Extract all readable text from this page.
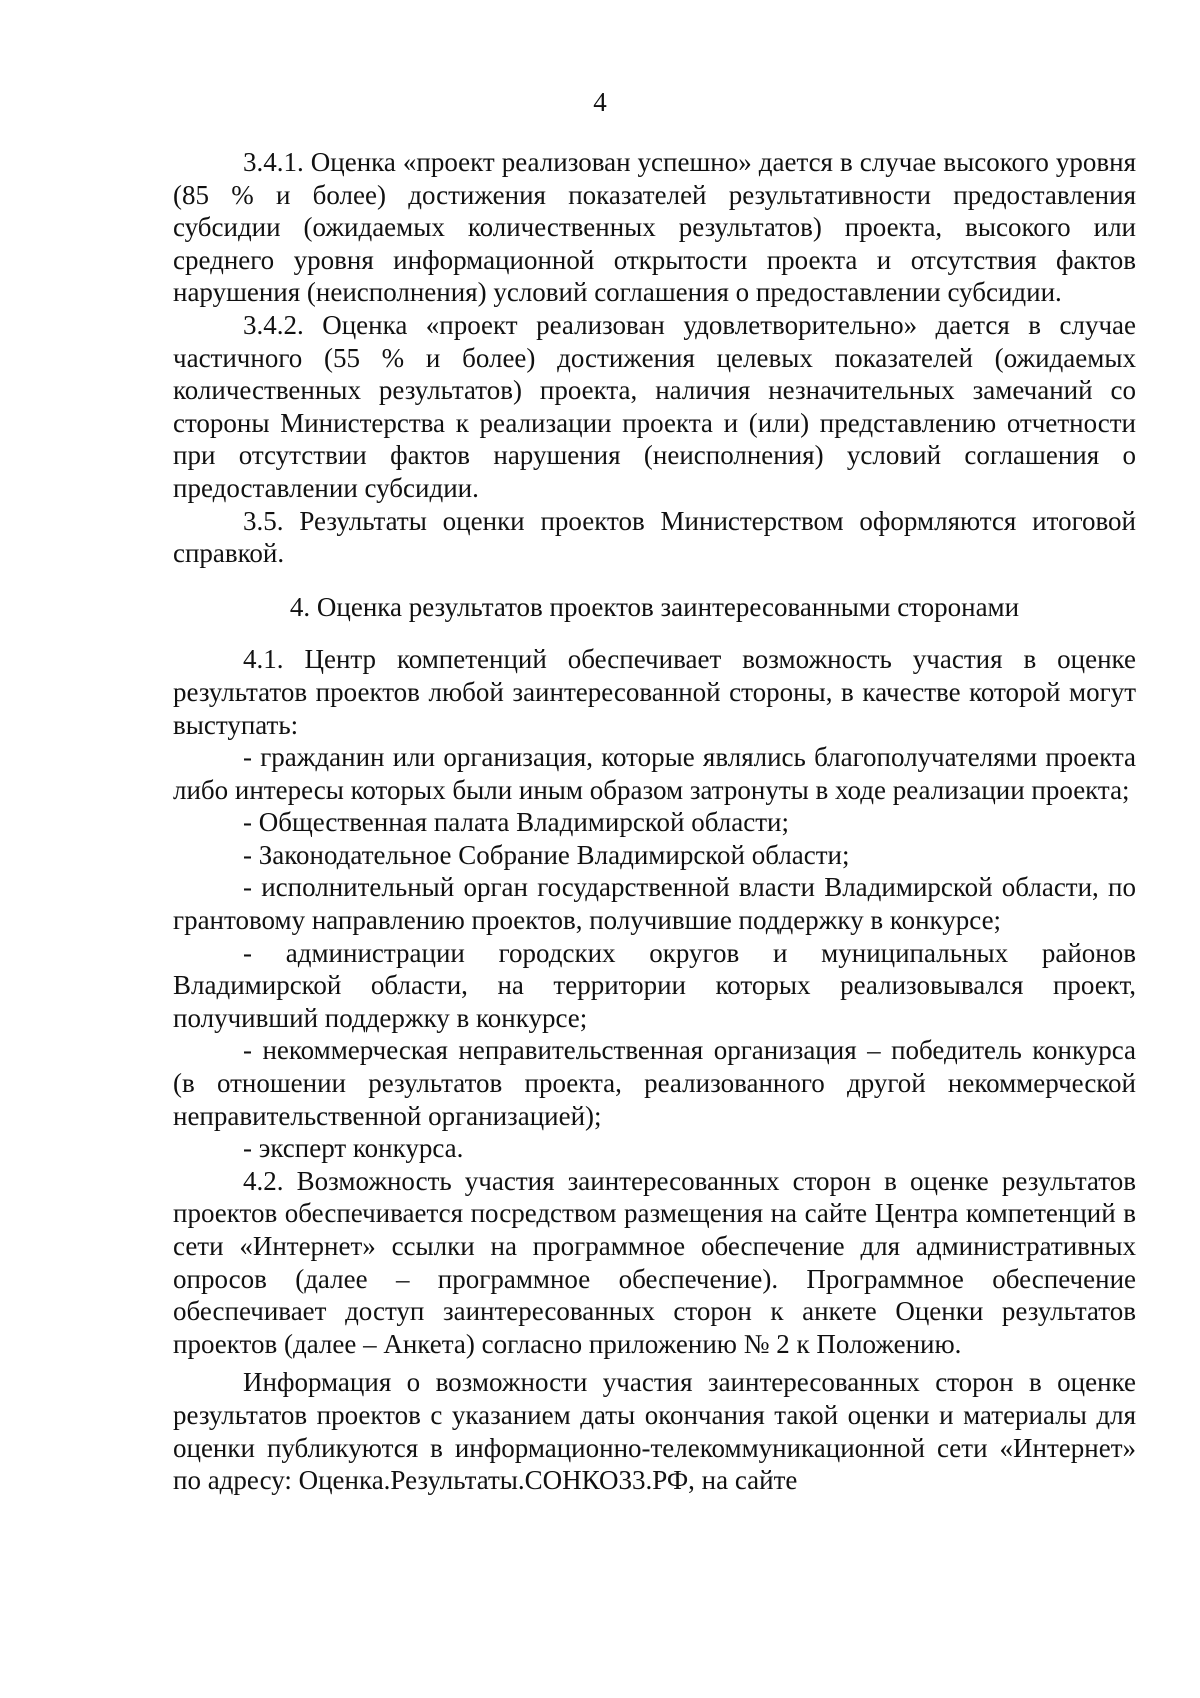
4

3.4.1. Оценка «проект реализован успешно» дается в случае высокого уровня (85 % и более) достижения показателей результативности предоставления субсидии (ожидаемых количественных результатов) проекта, высокого или среднего уровня информационной открытости проекта и отсутствия фактов нарушения (неисполнения) условий соглашения о предоставлении субсидии.

3.4.2. Оценка «проект реализован удовлетворительно» дается в случае частичного (55 % и более) достижения целевых показателей (ожидаемых количественных результатов) проекта, наличия незначительных замечаний со стороны Министерства к реализации проекта и (или) представлению отчетности при отсутствии фактов нарушения (неисполнения) условий соглашения о предоставлении субсидии.

3.5. Результаты оценки проектов Министерством оформляются итоговой справкой.

4. Оценка результатов проектов заинтересованными сторонами

4.1. Центр компетенций обеспечивает возможность участия в оценке результатов проектов любой заинтересованной стороны, в качестве которой могут выступать:

- гражданин или организация, которые являлись благополучателями проекта либо интересы которых были иным образом затронуты в ходе реализации проекта;

- Общественная палата Владимирской области;

- Законодательное Собрание Владимирской области;

- исполнительный орган государственной власти Владимирской области, по грантовому направлению проектов, получившие поддержку в конкурсе;

- администрации городских округов и муниципальных районов Владимирской области, на территории которых реализовывался проект, получивший поддержку в конкурсе;

- некоммерческая неправительственная организация – победитель конкурса (в отношении результатов проекта, реализованного другой некоммерческой неправительственной организацией);

- эксперт конкурса.

4.2. Возможность участия заинтересованных сторон в оценке результатов проектов обеспечивается посредством размещения на сайте Центра компетенций в сети «Интернет» ссылки на программное обеспечение для административных опросов (далее – программное обеспечение). Программное обеспечение обеспечивает доступ заинтересованных сторон к анкете Оценки результатов проектов (далее – Анкета) согласно приложению № 2 к Положению.

Информация о возможности участия заинтересованных сторон в оценке результатов проектов с указанием даты окончания такой оценки и материалы для оценки публикуются в информационно-телекоммуникационной сети «Интернет» по адресу: Оценка.Результаты.СОНКО33.РФ, на сайте
